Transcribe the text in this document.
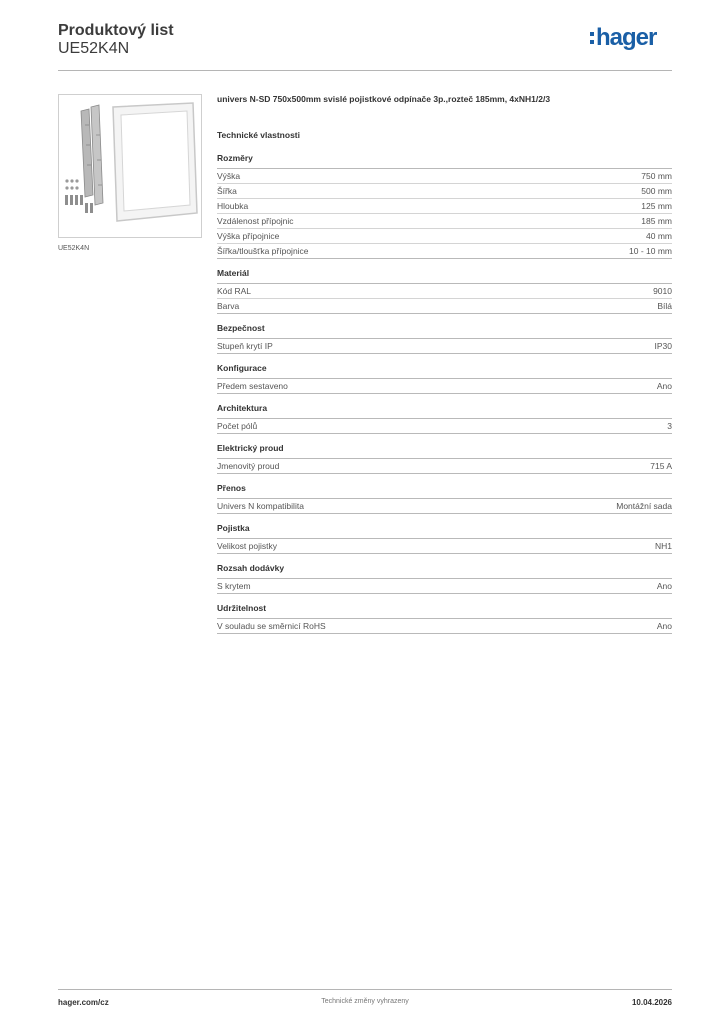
Produktový list
UE52K4N	hager
UE52K4N
univers N-SD 750x500mm svislé pojistkové odpínače 3p.,rozteč 185mm, 4xNH1/2/3
Technické vlastnosti
Rozměry
Výška	750 mm
Šířka	500 mm
Hloubka	125 mm
Vzdálenost přípojnic	185 mm
Výška přípojnice	40 mm
Šířka/tloušťka přípojnice	10 - 10 mm
Materiál
Kód RAL	9010
Barva	Bílá
Bezpečnost
Stupeň krytí IP	IP30
Konfigurace
Předem sestaveno	Ano
Architektura
Počet pólů	3
Elektrický proud
Jmenovitý proud	715 A
Přenos
Univers N kompatibilita	Montážní sada
Pojistka
Velikost pojistky	NH1
Rozsah dodávky
S krytem	Ano
Udržitelnost
V souladu se směrnicí RoHS	Ano
hager.com/cz	Technické změny vyhrazeny	10.04.2026
